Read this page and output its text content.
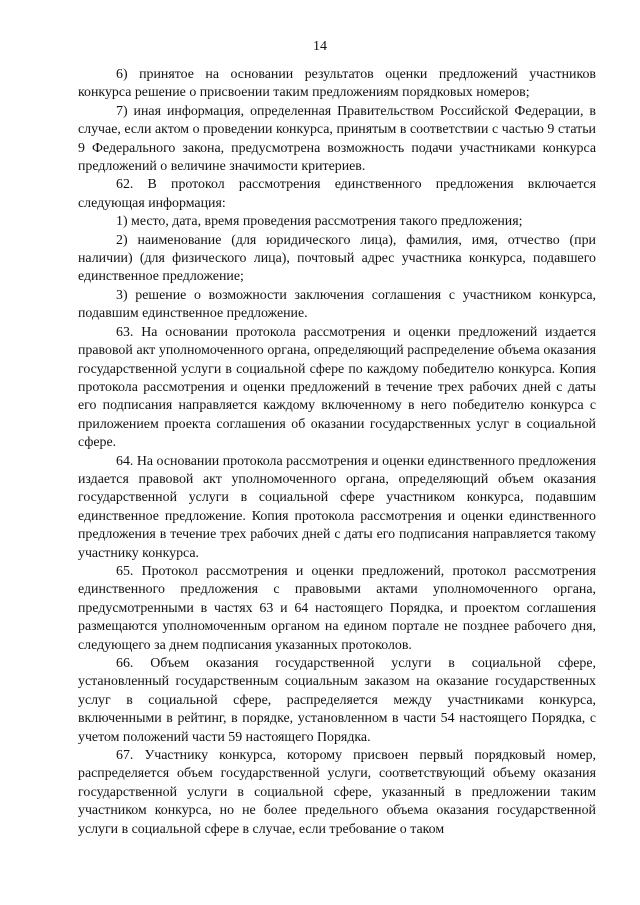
14

6) принятое на основании результатов оценки предложений участников конкурса решение о присвоении таким предложениям порядковых номеров;

7) иная информация, определенная Правительством Российской Федерации, в случае, если актом о проведении конкурса, принятым в соответствии с частью 9 статьи 9 Федерального закона, предусмотрена возможность подачи участниками конкурса предложений о величине значимости критериев.

62. В протокол рассмотрения единственного предложения включается следующая информация:

1) место, дата, время проведения рассмотрения такого предложения;

2) наименование (для юридического лица), фамилия, имя, отчество (при наличии) (для физического лица), почтовый адрес участника конкурса, подавшего единственное предложение;

3) решение о возможности заключения соглашения с участником конкурса, подавшим единственное предложение.

63. На основании протокола рассмотрения и оценки предложений издается правовой акт уполномоченного органа, определяющий распределение объема оказания государственной услуги в социальной сфере по каждому победителю конкурса. Копия протокола рассмотрения и оценки предложений в течение трех рабочих дней с даты его подписания направляется каждому включенному в него победителю конкурса с приложением проекта соглашения об оказании государственных услуг в социальной сфере.

64. На основании протокола рассмотрения и оценки единственного предложения издается правовой акт уполномоченного органа, определяющий объем оказания государственной услуги в социальной сфере участником конкурса, подавшим единственное предложение. Копия протокола рассмотрения и оценки единственного предложения в течение трех рабочих дней с даты его подписания направляется такому участнику конкурса.

65. Протокол рассмотрения и оценки предложений, протокол рассмотрения единственного предложения с правовыми актами уполномоченного органа, предусмотренными в частях 63 и 64 настоящего Порядка, и проектом соглашения размещаются уполномоченным органом на едином портале не позднее рабочего дня, следующего за днем подписания указанных протоколов.

66. Объем оказания государственной услуги в социальной сфере, установленный государственным социальным заказом на оказание государственных услуг в социальной сфере, распределяется между участниками конкурса, включенными в рейтинг, в порядке, установленном в части 54 настоящего Порядка, с учетом положений части 59 настоящего Порядка.

67. Участнику конкурса, которому присвоен первый порядковый номер, распределяется объем государственной услуги, соответствующий объему оказания государственной услуги в социальной сфере, указанный в предложении таким участником конкурса, но не более предельного объема оказания государственной услуги в социальной сфере в случае, если требование о таком
